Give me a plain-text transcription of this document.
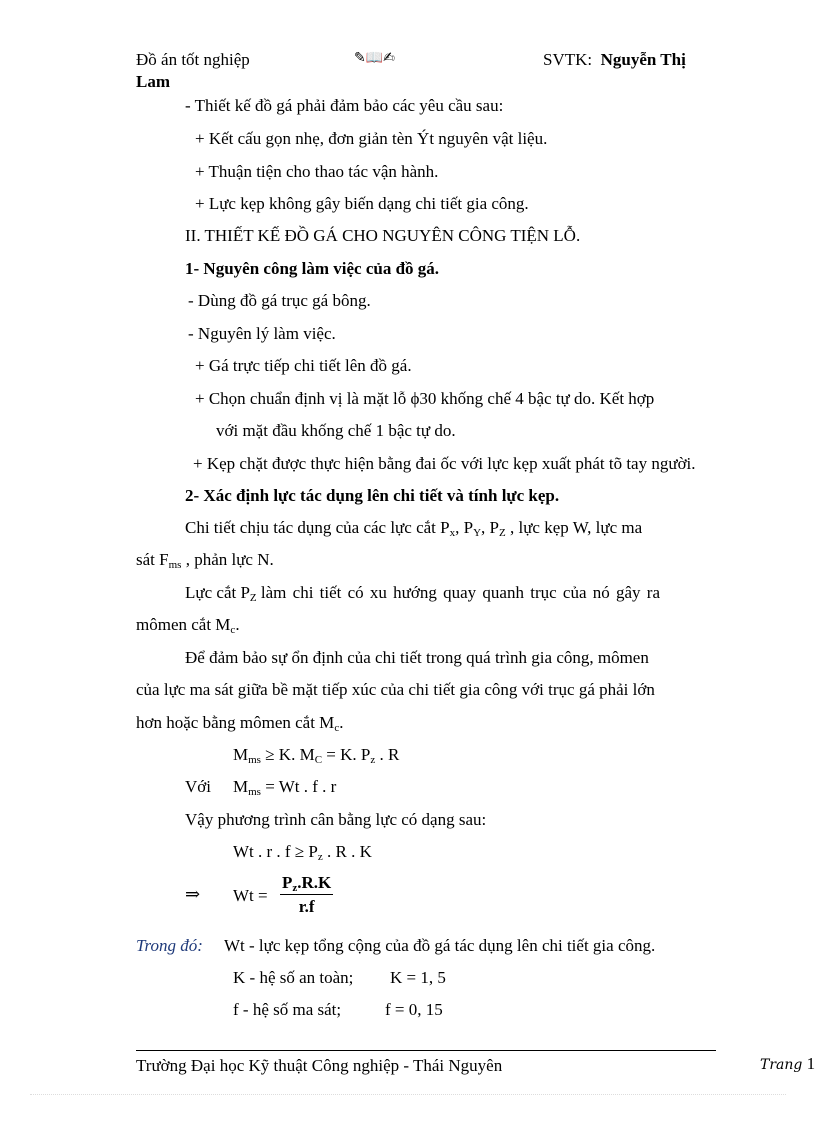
Đồ án tốt nghiệp	✎📖✍	SVTK: Nguyễn Thị
Lam
- Thiết kế đồ gá phải đảm bảo các yêu cầu sau:
+ Kết cấu gọn nhẹ, đơn giản tèn Ýt nguyên vật liệu.
+ Thuận tiện cho thao tác vận hành.
+ Lực kẹp không gây biến dạng chi tiết gia công.
II. THIẾT KẾ ĐỒ GÁ CHO NGUYÊN CÔNG TIỆN LỖ.
1- Nguyên công làm việc của đồ gá.
- Dùng đồ gá trục gá bông.
- Nguyên lý làm việc.
+ Gá trực tiếp chi tiết lên đồ gá.
+ Chọn chuẩn định vị là mặt lỗ ϕ30 khống chế 4 bậc tự do. Kết hợp
với mặt đầu khống chế 1 bậc tự do.
+ Kẹp chặt được thực hiện bằng đai ốc với lực kẹp xuất phát tõ tay người.
2- Xác định lực tác dụng lên chi tiết và tính lực kẹp.
Chi tiết chịu tác dụng của các lực cắt $P_x$, $P_Y$, $P_Z$ , lực kẹp W, lực ma
sát $F_{ms}$ , phản lực N.
Lực cắt $P_Z$ làm chi tiết có xu hướng quay quanh trục của nó gây ra
mômen cắt $M_c$.
Để đảm bảo sự ổn định của chi tiết trong quá trình gia công, mômen
của lực ma sát giữa bề mặt tiếp xúc của chi tiết gia công với trục gá phải lớn
hơn hoặc bằng mômen cắt $M_c$.
$M_{ms} \ge K$. $M_C = K$. $P_z$ . R
Với $M_{ms} = Wt$ . f . r
Vậy phương trình cân bằng lực có dạng sau:
Wt . r . $f \ge P_z$ . R . K
⇒ $Wt = \frac{P_z.R.K}{r.f}$
Trong đó: Wt - lực kẹp tổng cộng của đồ gá tác dụng lên chi tiết gia công.
K - hệ số an toàn; K = 1, 5
f - hệ số ma sát;	f = 0, 15
Trường Đại học Kỹ thuật Công nghiệp - Thái Nguyên	Trang 1
